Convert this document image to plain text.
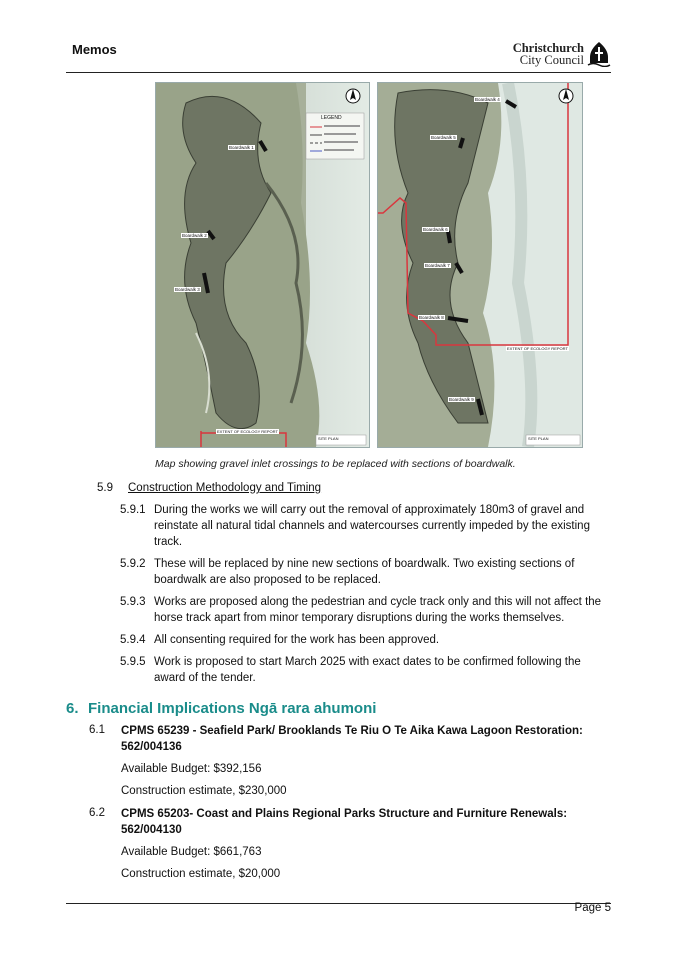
Memos	Christchurch
City Council
LEGEND
Boardwalk 1
Boardwalk 2
Boardwalk 3
EXTENT OF ECOLOGY REPORT
SITE PLAN
Boardwalk 4
Boardwalk 5
Boardwalk 6
Boardwalk 7
Boardwalk 8
Boardwalk 9
EXTENT OF ECOLOGY REPORT
SITE PLAN
Map showing gravel inlet crossings to be replaced with sections of boardwalk.
5.9 Construction Methodology and Timing
5.9.1 During the works we will carry out the removal of approximately 180m3 of gravel and reinstate all natural tidal channels and watercourses currently impeded by the existing track.
5.9.2 These will be replaced by nine new sections of boardwalk. Two existing sections of boardwalk are also proposed to be replaced.
5.9.3 Works are proposed along the pedestrian and cycle track only and this will not affect the horse track apart from minor temporary disruptions during the works themselves.
5.9.4 All consenting required for the work has been approved.
5.9.5 Work is proposed to start March 2025 with exact dates to be confirmed following the award of the tender.
6. Financial Implications Ngā rara ahumoni
6.1 CPMS 65239 - Seafield Park/ Brooklands Te Riu O Te Aika Kawa Lagoon Restoration: 562/004136
Available Budget: $392,156
Construction estimate, $230,000
6.2 CPMS 65203- Coast and Plains Regional Parks Structure and Furniture Renewals: 562/004130
Available Budget: $661,763
Construction estimate, $20,000
Page 5
